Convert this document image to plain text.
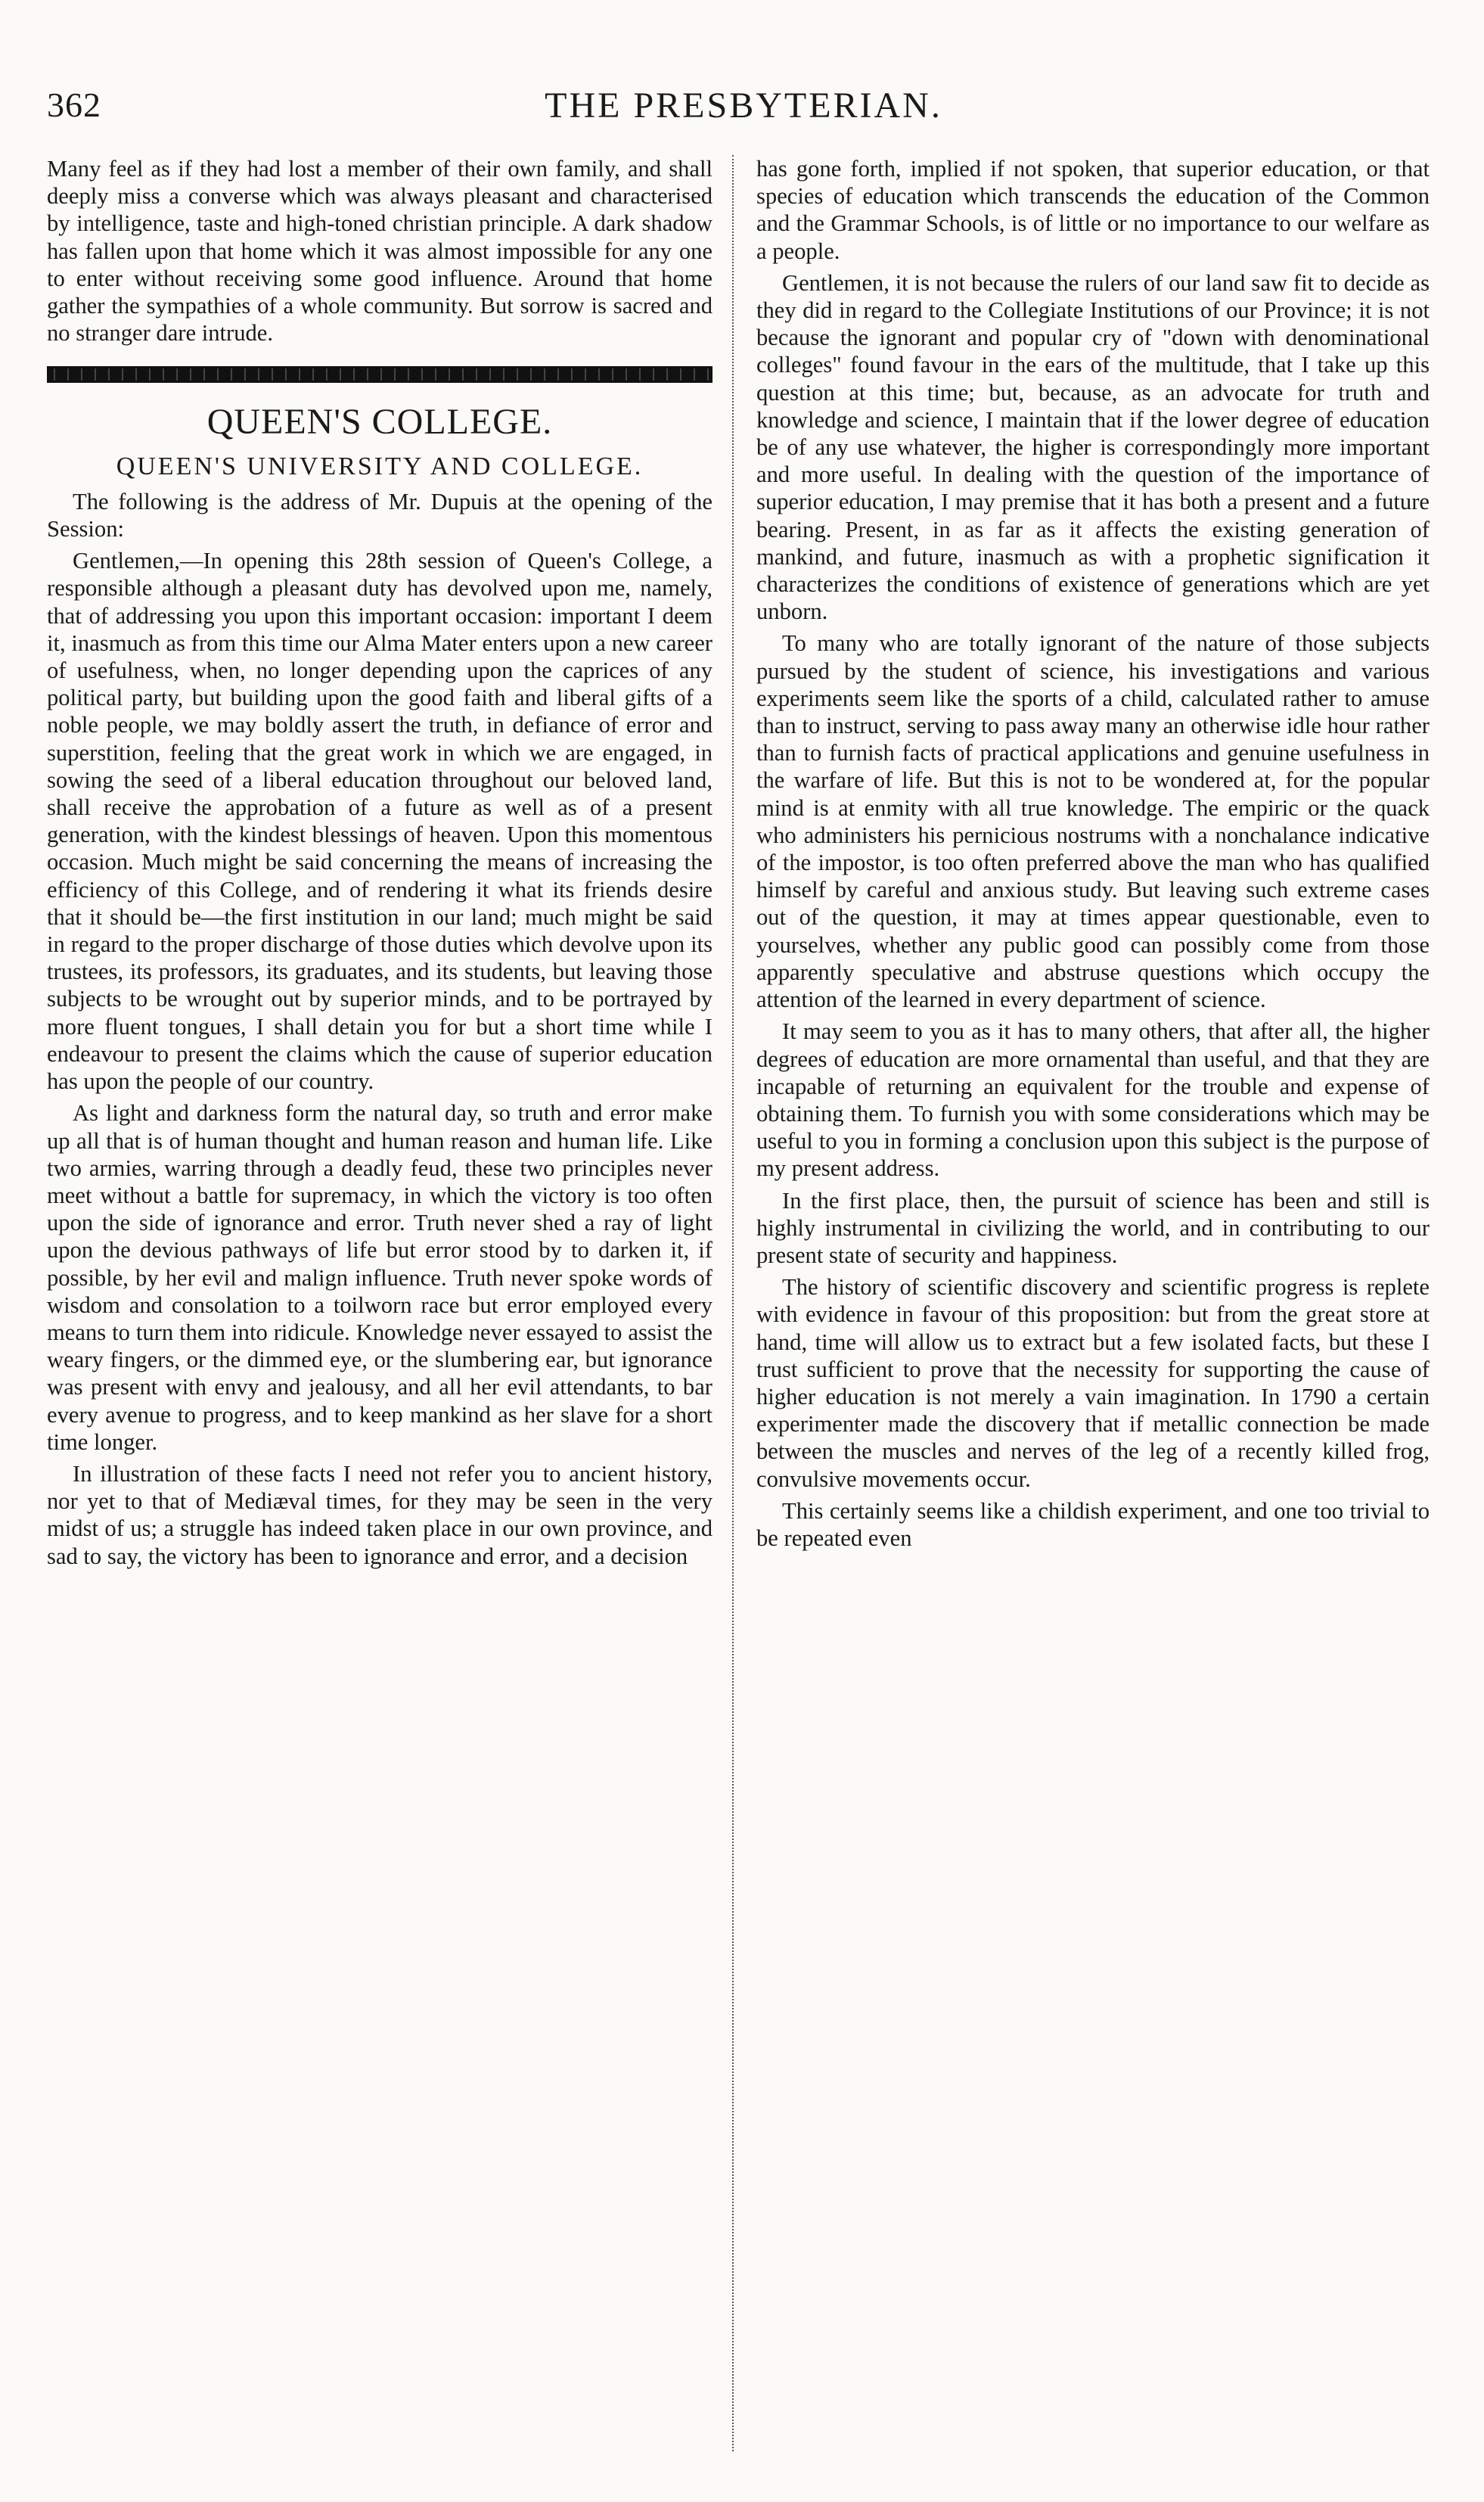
362	THE PRESBYTERIAN.

Many feel as if they had lost a member of their own family, and shall deeply miss a converse which was always pleasant and characterised by intelligence, taste and high-toned christian principle. A dark shadow has fallen upon that home which it was almost impossible for any one to enter without receiving some good influence. Around that home gather the sympathies of a whole community. But sorrow is sacred and no stranger dare intrude.

QUEEN'S COLLEGE.
QUEEN'S UNIVERSITY AND COLLEGE.

The following is the address of Mr. Dupuis at the opening of the Session:

Gentlemen,—In opening this 28th session of Queen's College, a responsible although a pleasant duty has devolved upon me, namely, that of addressing you upon this important occasion: important I deem it, inasmuch as from this time our Alma Mater enters upon a new career of usefulness, when, no longer depending upon the caprices of any political party, but building upon the good faith and liberal gifts of a noble people, we may boldly assert the truth, in defiance of error and superstition, feeling that the great work in which we are engaged, in sowing the seed of a liberal education throughout our beloved land, shall receive the approbation of a future as well as of a present generation, with the kindest blessings of heaven. Upon this momentous occasion. Much might be said concerning the means of increasing the efficiency of this College, and of rendering it what its friends desire that it should be—the first institution in our land; much might be said in regard to the proper discharge of those duties which devolve upon its trustees, its professors, its graduates, and its students, but leaving those subjects to be wrought out by superior minds, and to be portrayed by more fluent tongues, I shall detain you for but a short time while I endeavour to present the claims which the cause of superior education has upon the people of our country.

As light and darkness form the natural day, so truth and error make up all that is of human thought and human reason and human life. Like two armies, warring through a deadly feud, these two principles never meet without a battle for supremacy, in which the victory is too often upon the side of ignorance and error. Truth never shed a ray of light upon the devious pathways of life but error stood by to darken it, if possible, by her evil and malign influence. Truth never spoke words of wisdom and consolation to a toilworn race but error employed every means to turn them into ridicule. Knowledge never essayed to assist the weary fingers, or the dimmed eye, or the slumbering ear, but ignorance was present with envy and jealousy, and all her evil attendants, to bar every avenue to progress, and to keep mankind as her slave for a short time longer.

In illustration of these facts I need not refer you to ancient history, nor yet to that of Mediæval times, for they may be seen in the very midst of us; a struggle has indeed taken place in our own province, and sad to say, the victory has been to ignorance and error, and a decision

has gone forth, implied if not spoken, that superior education, or that species of education which transcends the education of the Common and the Grammar Schools, is of little or no importance to our welfare as a people.

Gentlemen, it is not because the rulers of our land saw fit to decide as they did in regard to the Collegiate Institutions of our Province; it is not because the ignorant and popular cry of "down with denominational colleges" found favour in the ears of the multitude, that I take up this question at this time; but, because, as an advocate for truth and knowledge and science, I maintain that if the lower degree of education be of any use whatever, the higher is correspondingly more important and more useful. In dealing with the question of the importance of superior education, I may premise that it has both a present and a future bearing. Present, in as far as it affects the existing generation of mankind, and future, inasmuch as with a prophetic signification it characterizes the conditions of existence of generations which are yet unborn.

To many who are totally ignorant of the nature of those subjects pursued by the student of science, his investigations and various experiments seem like the sports of a child, calculated rather to amuse than to instruct, serving to pass away many an otherwise idle hour rather than to furnish facts of practical applications and genuine usefulness in the warfare of life. But this is not to be wondered at, for the popular mind is at enmity with all true knowledge. The empiric or the quack who administers his pernicious nostrums with a nonchalance indicative of the impostor, is too often preferred above the man who has qualified himself by careful and anxious study. But leaving such extreme cases out of the question, it may at times appear questionable, even to yourselves, whether any public good can possibly come from those apparently speculative and abstruse questions which occupy the attention of the learned in every department of science.

It may seem to you as it has to many others, that after all, the higher degrees of education are more ornamental than useful, and that they are incapable of returning an equivalent for the trouble and expense of obtaining them. To furnish you with some considerations which may be useful to you in forming a conclusion upon this subject is the purpose of my present address.

In the first place, then, the pursuit of science has been and still is highly instrumental in civilizing the world, and in contributing to our present state of security and happiness.

The history of scientific discovery and scientific progress is replete with evidence in favour of this proposition: but from the great store at hand, time will allow us to extract but a few isolated facts, but these I trust sufficient to prove that the necessity for supporting the cause of higher education is not merely a vain imagination. In 1790 a certain experimenter made the discovery that if metallic connection be made between the muscles and nerves of the leg of a recently killed frog, convulsive movements occur.

This certainly seems like a childish experiment, and one too trivial to be repeated even
